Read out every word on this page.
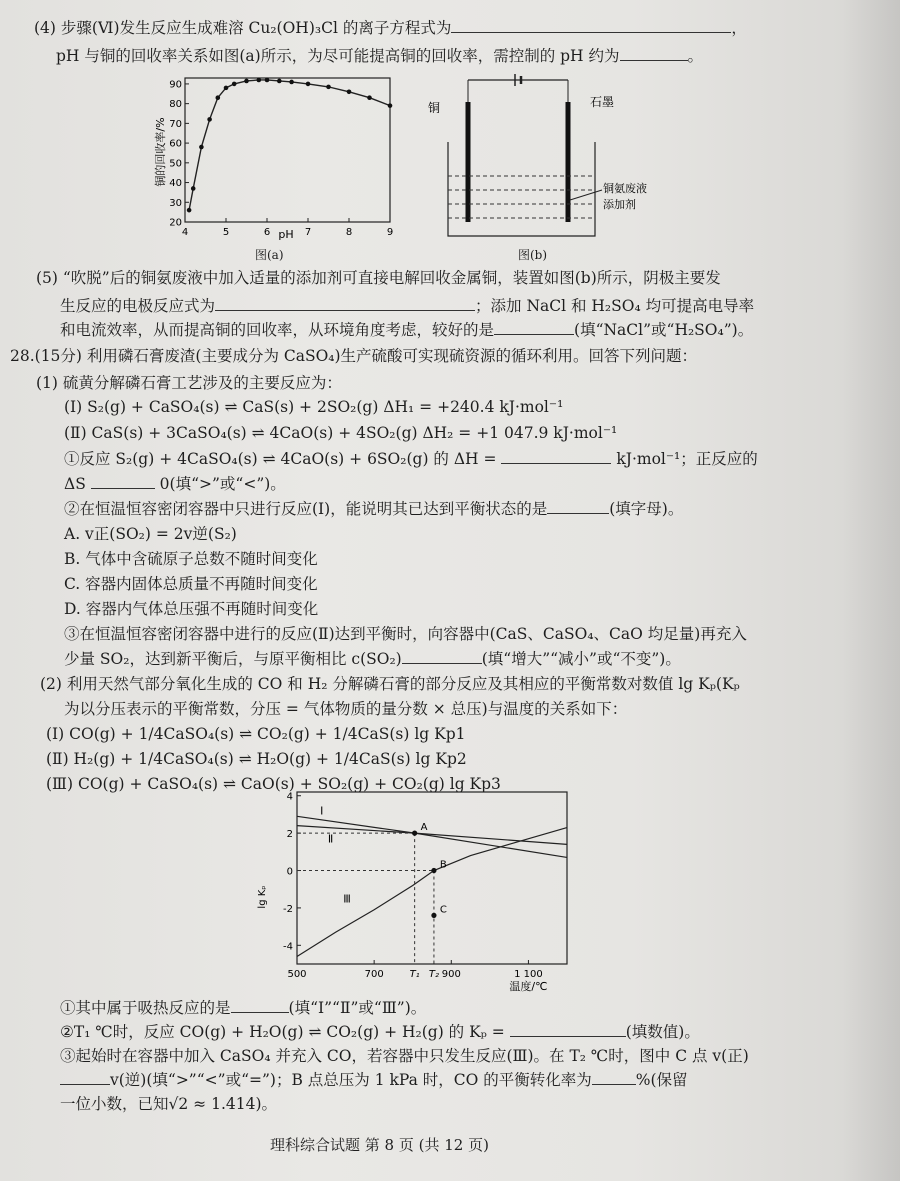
(4) 步骤(Ⅵ)发生反应生成难溶 Cu₂(OH)₃Cl 的离子方程式为	，
pH 与铜的回收率关系如图(a)所示，为尽可能提高铜的回收率，需控制的 pH 约为	。
4	5	6	7	8	9
20
30
40
50
60
70
80
90
铜的回收率/%
pH
图(a)
铜	石墨
铜氨废液
添加剂
图(b)
(5) “吹脱”后的铜氨废液中加入适量的添加剂可直接电解回收金属铜，装置如图(b)所示，阴极主要发
生反应的电极反应式为	；添加 NaCl 和 H₂SO₄ 均可提高电导率
和电流效率，从而提高铜的回收率，从环境角度考虑，较好的是	(填“NaCl”或“H₂SO₄”)。
28.(15分) 利用磷石膏废渣(主要成分为 CaSO₄)生产硫酸可实现硫资源的循环利用。回答下列问题：
(1) 硫黄分解磷石膏工艺涉及的主要反应为：
(Ⅰ) S₂(g) + CaSO₄(s) ⇌ CaS(s) + 2SO₂(g) ΔH₁ = +240.4 kJ·mol⁻¹
(Ⅱ) CaS(s) + 3CaSO₄(s) ⇌ 4CaO(s) + 4SO₂(g) ΔH₂ = +1 047.9 kJ·mol⁻¹
①反应 S₂(g) + 4CaSO₄(s) ⇌ 4CaO(s) + 6SO₂(g) 的 ΔH =	kJ·mol⁻¹；正反应的
ΔS	0(填“>”或“<”)。
②在恒温恒容密闭容器中只进行反应(Ⅰ)，能说明其已达到平衡状态的是	(填字母)。
A. v正(SO₂) = 2v逆(S₂)
B. 气体中含硫原子总数不随时间变化
C. 容器内固体总质量不再随时间变化
D. 容器内气体总压强不再随时间变化
③在恒温恒容密闭容器中进行的反应(Ⅱ)达到平衡时，向容器中(CaS、CaSO₄、CaO 均足量)再充入
少量 SO₂，达到新平衡后，与原平衡相比 c(SO₂)	(填“增大”“减小”或“不变”)。
(2) 利用天然气部分氧化生成的 CO 和 H₂ 分解磷石膏的部分反应及其相应的平衡常数对数值 lg Kₚ(Kₚ
为以分压表示的平衡常数，分压 = 气体物质的量分数 × 总压)与温度的关系如下：
(Ⅰ) CO(g) + 1/4CaSO₄(s) ⇌ CO₂(g) + 1/4CaS(s) lg Kp1
(Ⅱ) H₂(g) + 1/4CaSO₄(s) ⇌ H₂O(g) + 1/4CaS(s) lg Kp2
(Ⅲ) CO(g) + CaSO₄(s) ⇌ CaO(s) + SO₂(g) + CO₂(g) lg Kp3
-4
-2
0
2
4
500	700	900	1 100
T₁ T₂
A
B
C
Ⅰ
Ⅱ
Ⅲ
lg Kₚ
温度/℃
①其中属于吸热反应的是	(填“Ⅰ”“Ⅱ”或“Ⅲ”)。
②T₁ ℃时，反应 CO(g) + H₂O(g) ⇌ CO₂(g) + H₂(g) 的 Kₚ =	(填数值)。
③起始时在容器中加入 CaSO₄ 并充入 CO，若容器中只发生反应(Ⅲ)。在 T₂ ℃时，图中 C 点 v(正)
v(逆)(填“>”“<”或“=”)；B 点总压为 1 kPa 时，CO 的平衡转化率为	%(保留
一位小数，已知√2 ≈ 1.414)。
理科综合试题 第 8 页 (共 12 页)
